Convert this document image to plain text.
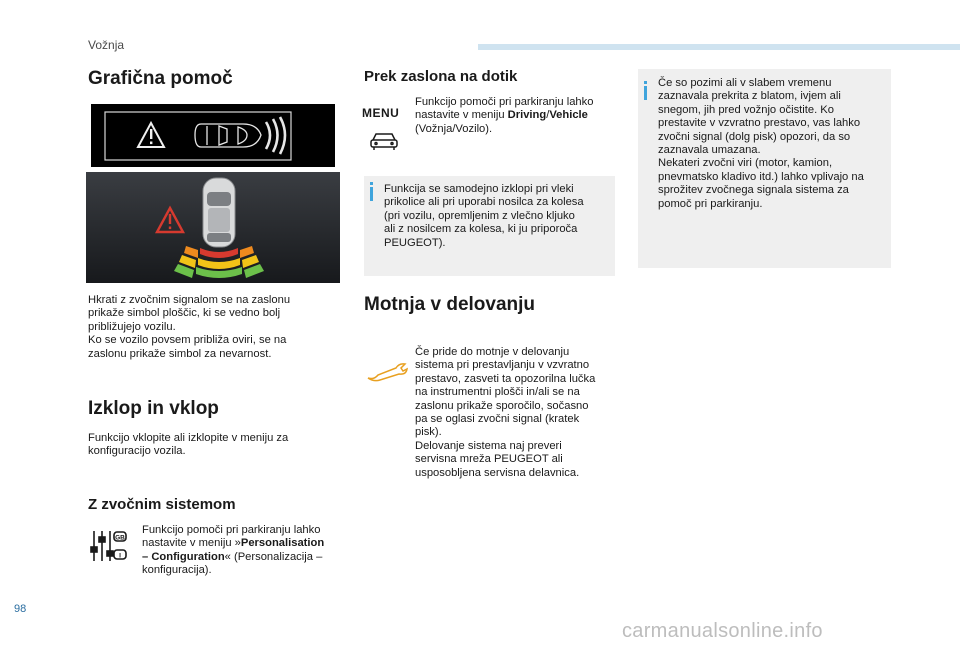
Vožnja
Grafična pomoč
Hkrati z zvočnim signalom se na zaslonu
prikaže simbol ploščic, ki se vedno bolj
približujejo vozilu.
Ko se vozilo povsem približa oviri, se na
zaslonu prikaže simbol za nevarnost.
Izklop in vklop
Funkcijo vklopite ali izklopite v meniju za
konfiguracijo vozila.
Z zvočnim sistemom
GB
I
Funkcijo pomoči pri parkiranju lahko
nastavite v meniju »Personalisation
– Configuration« (Personalizacija –
konfiguracija).
Prek zaslona na dotik
MENU
Funkcijo pomoči pri parkiranju lahko
nastavite v meniju Driving/Vehicle
(Vožnja/Vozilo).
Funkcija se samodejno izklopi pri vleki
prikolice ali pri uporabi nosilca za kolesa
(pri vozilu, opremljenim z vlečno kljuko
ali z nosilcem za kolesa, ki ju priporoča
PEUGEOT).
Motnja v delovanju
Če pride do motnje v delovanju
sistema pri prestavljanju v vzvratno
prestavo, zasveti ta opozorilna lučka
na instrumentni plošči in/ali se na
zaslonu prikaže sporočilo, sočasno
pa se oglasi zvočni signal (kratek
pisk).
Delovanje sistema naj preveri
servisna mreža PEUGEOT ali
usposobljena servisna delavnica.
Če so pozimi ali v slabem vremenu
zaznavala prekrita z blatom, ivjem ali
snegom, jih pred vožnjo očistite. Ko
prestavite v vzvratno prestavo, vas lahko
zvočni signal (dolg pisk) opozori, da so
zaznavala umazana.
Nekateri zvočni viri (motor, kamion,
pnevmatsko kladivo itd.) lahko vplivajo na
sprožitev zvočnega signala sistema za
pomoč pri parkiranju.
98
carmanualsonline.info
